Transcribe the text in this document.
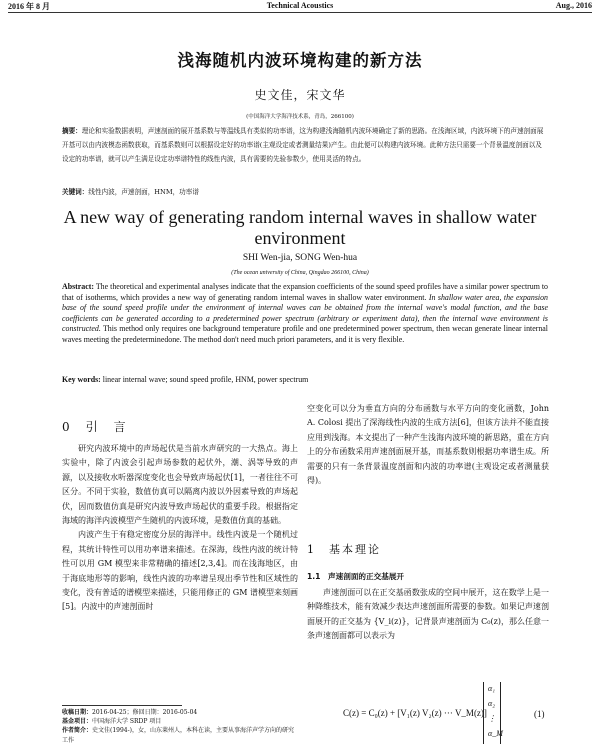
2016 年 8 月	Technical Acoustics	Aug., 2016
浅海随机内波环境构建的新方法
史文佳，宋文华
(中国海洋大学海洋技术系，青岛，266100)
摘要：理论和实验数据表明，声速剖面的展开基系数与等温线具有类似的功率谱，这为构建浅海随机内波环境确定了新的思路。在浅海区域，内波环境下的声速剖面展开基可以由内波模态函数获取，而基系数则可以根据设定好的功率谱(主观设定或者测量结果)产生。由此便可以构建内波环境。此种方法只需要一个背景温度剖面以及设定的功率谱，就可以产生满足设定功率谱特性的线性内波，具有需要的先验参数少，使用灵活的特点。
关键词：线性内波，声速剖面，HNM，功率谱
A new way of generating random internal waves in shallow water environment
SHI Wen-jia, SONG Wen-hua
(The ocean university of China, Qingdao 266100, China)
Abstract: The theoretical and experimental analyses indicate that the expansion coefficients of the sound speed profiles have a similar power spectrum to that of isotherms, which provides a new way of generating random internal waves in shallow water environment. In shallow water area, the expansion base of the sound speed profile under the environment of internal waves can be obtained from the internal wave's modal function, and the base coefficients can be generated according to a predetermined power spectrum (arbitrary or experiment data), then the internal wave environment is constructed. This method only requires one background temperature profile and one predetermined power spectrum, then wecan generate linear internal waves meeting the predeterminedone. The method don't need much priori parameters, and it is very flexible.
Key words: linear internal wave; sound speed profile, HNM, power spectrum
0　引　言

研究内波环境中的声场起伏是当前水声研究的一大热点。海上实验中，除了内波会引起声场参数的起伏外，潮、涡等导致的声源，以及接收水听器深度变化也会导致声场起伏[1]，一者往往不可区分。不同于实验，数值仿真可以隔离内波以外因素导致的声场起伏，因而数值仿真是研究内波导致声场起伏的重要手段。根据指定海域的海洋内波模型产生随机的内波环境，是数值仿真的基础。

内波产生于有稳定密度分层的海洋中。线性内波是一个随机过程，其统计特性可以用功率谱来描述。在深海，线性内波的统计特性可以用 GM 模型来非常精确的描述[2,3,4]。而在浅海地区，由于海底地形等的影响，线性内波的功率谱呈现出季节性和区域性的变化，没有普适的谱模型来描述，只能用修正的 GM 谱模型来刻画[5]。内波中的声速剖面时

空变化可以分为垂直方向的分布函数与水平方向的变化函数，John A. Colosi 提出了深海线性内波的生成方法[6]，但该方法并不能直接应用到浅海。本文提出了一种产生浅海内波环境的新思路，重在方向上的分布函数采用声速剖面展开基，而基系数则根据功率谱生成。所需要的只有一条背景温度剖面和内波的功率谱(主观设定或者测量获得)。
1　基本理论
1.1　声速剖面的正交基展开
声速剖面可以在正交基函数张成的空间中展开，这在数学上是一种降维技术，能有效减少表达声速剖面所需要的参数。如果记声速剖面展开的正交基为 {V_i(z)}，记背景声速剖面为 C₀(z)，那么任意一条声速剖面都可以表示为
C(z) = C₀(z) + [V₁(z) V₂(z) ··· V_M(z)]
α₁
α₂
⋮
α_M
(1)
收稿日期：2016-04-25；修回日期：2016-05-04
基金项目：中国海洋大学 SRDP 项目
作者简介：史文佳(1994-)，女，山东莱州人，本科在读，主要从事海洋声学方向的研究工作
